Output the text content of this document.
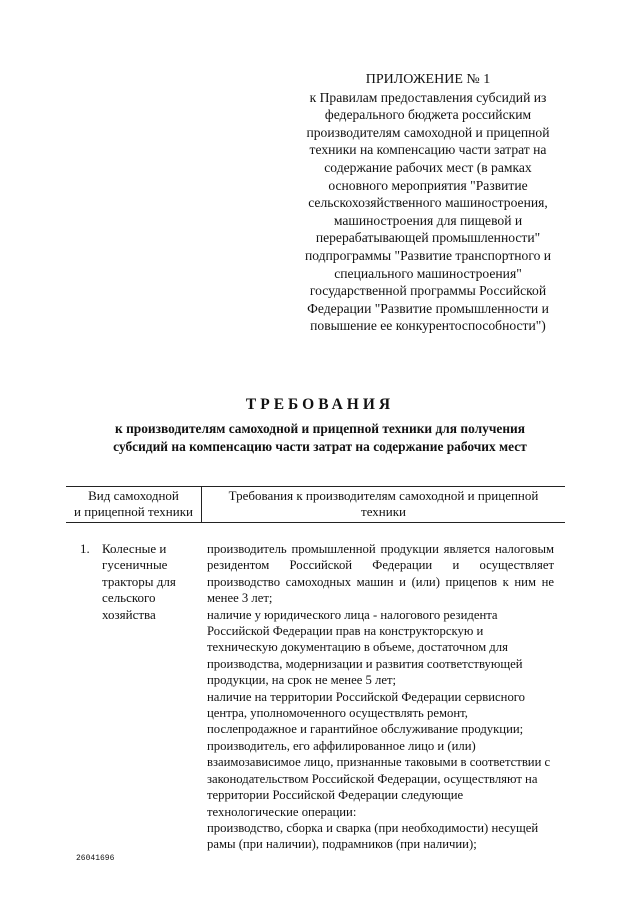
ПРИЛОЖЕНИЕ № 1
к Правилам предоставления субсидий из
федерального бюджета российским
производителям самоходной и прицепной
техники на компенсацию части затрат на
содержание рабочих мест (в рамках
основного мероприятия "Развитие
сельскохозяйственного машиностроения,
машиностроения для пищевой и
перерабатывающей промышленности"
подпрограммы "Развитие транспортного и
специального машиностроения"
государственной программы Российской
Федерации "Развитие промышленности и
повышение ее конкурентоспособности")
ТРЕБОВАНИЯ
к производителям самоходной и прицепной техники для получения
субсидий на компенсацию части затрат на содержание рабочих мест
Вид самоходной
и прицепной техники
Требования к производителям самоходной и прицепной
техники
1. Колесные и
гусеничные
тракторы для
сельского
хозяйства
производитель промышленной продукции является налоговым
резидентом Российской Федерации и осуществляет
производство самоходных машин и (или) прицепов к ним не
менее 3 лет;
наличие у юридического лица - налогового резидента
Российской Федерации прав на конструкторскую и
техническую документацию в объеме, достаточном для
производства, модернизации и развития соответствующей
продукции, на срок не менее 5 лет;
наличие на территории Российской Федерации сервисного
центра, уполномоченного осуществлять ремонт,
послепродажное и гарантийное обслуживание продукции;
производитель, его аффилированное лицо и (или)
взаимозависимое лицо, признанные таковыми в соответствии с
законодательством Российской Федерации, осуществляют на
территории Российской Федерации следующие
технологические операции:
производство, сборка и сварка (при необходимости) несущей
рамы (при наличии), подрамников (при наличии);
26041696
